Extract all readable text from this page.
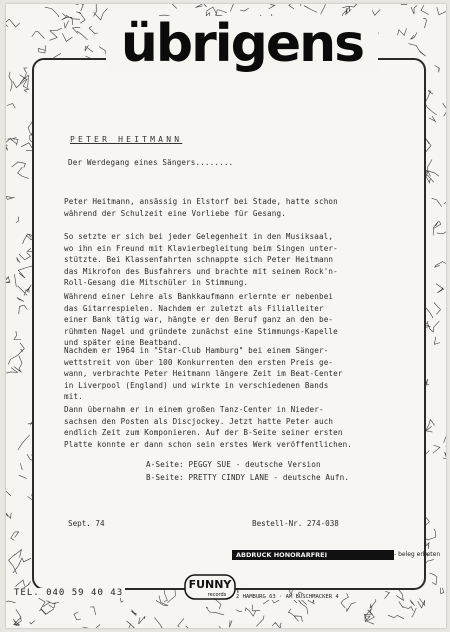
übrigens
PETER HEITMANN
Der Werdegang eines Sängers........
Peter Heitmann, ansässig in Elstorf bei Stade, hatte schon
während der Schulzeit eine Vorliebe für Gesang.
So setzte er sich bei jeder Gelegenheit in den Musiksaal,
wo ihn ein Freund mit Klavierbegleitung beim Singen unter-
stützte. Bei Klassenfahrten schnappte sich Peter Heitmann
das Mikrofon des Busfahrers und brachte mit seinem Rock'n-
Roll-Gesang die Mitschüler in Stimmung.
Während einer Lehre als Bankkaufmann erlernte er nebenbei
das Gitarrespielen. Nachdem er zuletzt als Filialleiter
einer Bank tätig war, hängte er den Beruf ganz an den be-
rühmten Nagel und gründete zunächst eine Stimmungs-Kapelle
und später eine Beatband.
Nachdem er 1964 in "Star-Club Hamburg" bei einem Sänger-
wettstreit von über 100 Konkurrenten den ersten Preis ge-
wann, verbrachte Peter Heitmann längere Zeit im Beat-Center
in Liverpool (England) und wirkte in verschiedenen Bands
mit.
Dann übernahm er in einem großen Tanz-Center in Nieder-
sachsen den Posten als Discjockey. Jetzt hatte Peter auch
endlich Zeit zum Komponieren. Auf der B-Seite seiner ersten
Platte konnte er dann schon sein erstes Werk veröffentlichen.
A-Seite: PEGGY SUE - deutsche Version
B-Seite: PRETTY CINDY LANE - deutsche Aufn.
Sept. 74	Bestell-Nr. 274-038
ABDRUCK HONORARFREI	- beleg erbeten
TEL. 040 59 40 43
FUNNY
records	2 HAMBURG 63 · AM BUSCHMACKER 4
